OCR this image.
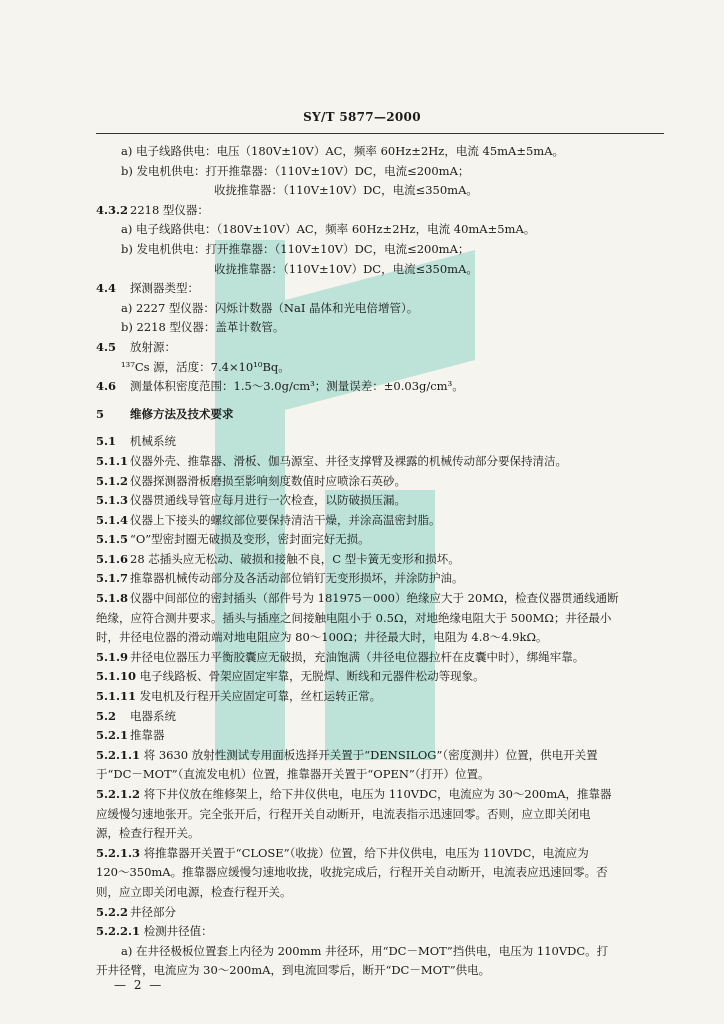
SY/T 5877—2000
a) 电子线路供电：电压（180V±10V）AC，频率 60Hz±2Hz，电流 45mA±5mA。
b) 发电机供电：打开推靠器：（110V±10V）DC，电流≤200mA；
收拢推靠器：（110V±10V）DC，电流≤350mA。
4.3.2 2218 型仪器：
a) 电子线路供电：（180V±10V）AC，频率 60Hz±2Hz，电流 40mA±5mA。
b) 发电机供电：打开推靠器：（110V±10V）DC，电流≤200mA；
收拢推靠器：（110V±10V）DC，电流≤350mA。
4.4 探测器类型：
a) 2227 型仪器：闪烁计数器（NaI 晶体和光电倍增管）。
b) 2218 型仪器：盖革计数管。
4.5 放射源：
¹³⁷Cs 源，活度：7.4×10¹⁰Bq。
4.6 测量体积密度范围：1.5～3.0g/cm³；测量误差：±0.03g/cm³。
5 维修方法及技术要求
5.1 机械系统
5.1.1 仪器外壳、推靠器、滑板、伽马源室、井径支撑臂及裸露的机械传动部分要保持清洁。
5.1.2 仪器探测器滑板磨损至影响刻度数值时应喷涂石英砂。
5.1.3 仪器贯通线导管应每月进行一次检查，以防破损压漏。
5.1.4 仪器上下接头的螺纹部位要保持清洁干燥，并涂高温密封脂。
5.1.5 “O”型密封圈无破损及变形，密封面完好无损。
5.1.6 28 芯插头应无松动、破损和接触不良，C 型卡簧无变形和损坏。
5.1.7 推靠器机械传动部分及各活动部位销钉无变形损坏，并涂防护油。
5.1.8 仪器中间部位的密封插头（部件号为 181975－000）绝缘应大于 20MΩ，检查仪器贯通线通断
绝缘，应符合测井要求。插头与插座之间接触电阻小于 0.5Ω，对地绝缘电阻大于 500MΩ；井径最小
时，井径电位器的滑动端对地电阻应为 80～100Ω；井径最大时，电阻为 4.8～4.9kΩ。
5.1.9 井径电位器压力平衡胶囊应无破损，充油饱满（井径电位器拉杆在皮囊中时），绑绳牢靠。
5.1.10 电子线路板、骨架应固定牢靠，无脱焊、断线和元器件松动等现象。
5.1.11 发电机及行程开关应固定可靠，丝杠运转正常。
5.2 电器系统
5.2.1 推靠器
5.2.1.1 将 3630 放射性测试专用面板选择开关置于“DENSILOG”（密度测井）位置，供电开关置
于“DC－MOT”（直流发电机）位置，推靠器开关置于“OPEN”（打开）位置。
5.2.1.2 将下井仪放在维修架上，给下井仪供电，电压为 110VDC，电流应为 30～200mA，推靠器
应缓慢匀速地张开。完全张开后，行程开关自动断开，电流表指示迅速回零。否则，应立即关闭电
源，检查行程开关。
5.2.1.3 将推靠器开关置于“CLOSE”（收拢）位置，给下井仪供电，电压为 110VDC，电流应为
120～350mA。推靠器应缓慢匀速地收拢，收拢完成后，行程开关自动断开，电流表应迅速回零。否
则，应立即关闭电源，检查行程开关。
5.2.2 井径部分
5.2.2.1 检测井径值：
a) 在井径极板位置套上内径为 200mm 井径环，用“DC－MOT”挡供电，电压为 110VDC。打
开井径臂，电流应为 30～200mA，到电流回零后，断开“DC－MOT”供电。
— 2 —
